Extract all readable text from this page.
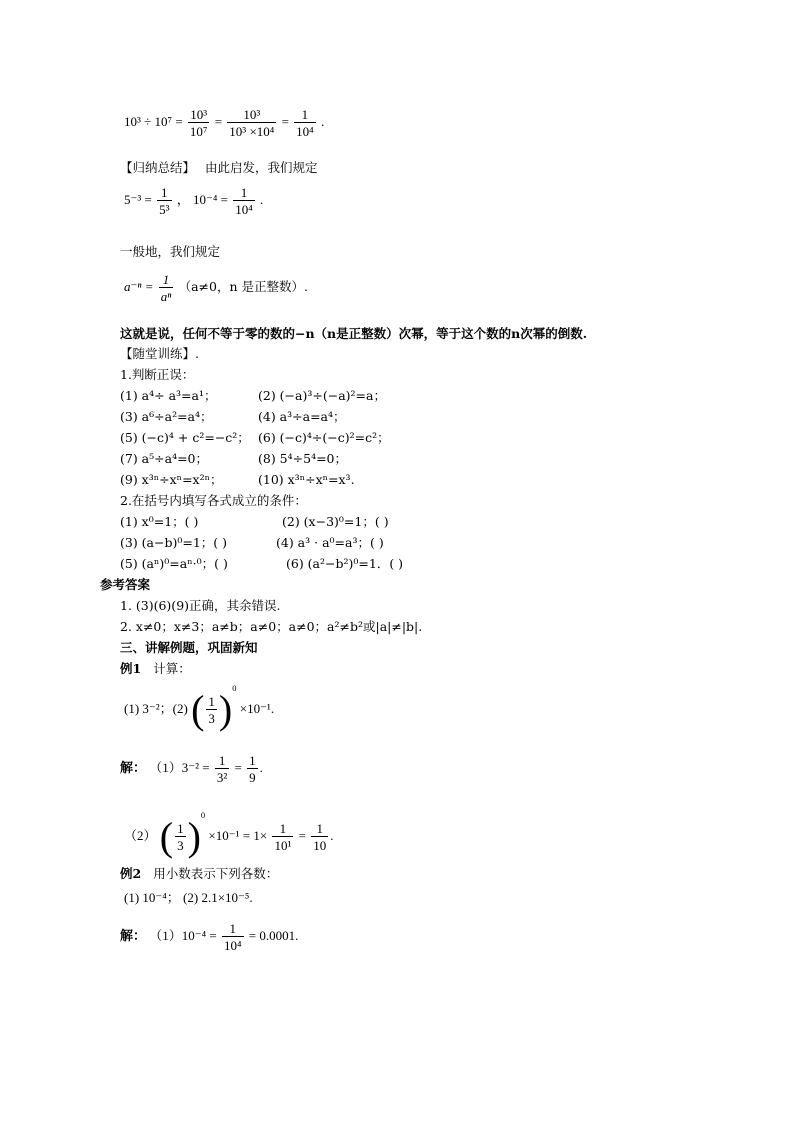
$10^3 \div 10^7 = \frac{\text{10³}}{\text{10⁷}} = \frac{\text{10³}}{\text{10³ ×10⁴}} = \frac{1}{\text{10⁴}}$ .
【归纳总结】 由此启发，我们规定
$5^{-3} = \frac{1}{\text{5³}}$ ， $10^{-4} = \frac{1}{\text{10⁴}}$ .
一般地，我们规定
$a^{-n} = \frac{1}{\text{aⁿ}} (a\ne 0$，n 是正整数）.
这就是说，任何不等于零的数的−n（n是正整数）次幂，等于这个数的n次幂的倒数.
【随堂训练】.
1.判断正误：
(1) a⁴÷ a³=a¹；	(2) (−a)³÷(−a)²=a；
(3) a⁶÷a²=a⁴；	(4) a³÷a=a⁴；
(5) (−c)⁴ + c²=−c²； (6) (−c)⁴÷(−c)²=c²；
(7) a⁵÷a⁴=0；	(8) 5⁴÷5⁴=0；
(9) x³ⁿ÷xⁿ=x²ⁿ；	(10) x³ⁿ÷xⁿ=x³.
2.在括号内填写各式成立的条件：
(1) x⁰=1；( )	(2) (x−3)⁰=1；( )
(3) (a−b)⁰=1；( )	(4) a³ · a⁰=a³；( )
(5) (aⁿ)⁰=aⁿ·⁰；( )	(6) (a²−b²)⁰=1．( )
参考答案
1. (3)(6)(9)正确，其余错误.
2. x≠0；x≠3；a≠b；a≠0；a≠0；a²≠b²或|a|≠|b|.
三、讲解例题，巩固新知
例1 计算：
(1) 3⁻²；(2) ( $\frac{1}{3} )^0 \times 10^{-1}$.
解： $(1)3^{-2} = \frac{1}{\text{3²}} = \frac{1}{9}$ .
（2） ( $\frac{1}{3} )^0 \times 10^{-1} = 1\times \frac{1}{\text{10¹}} = \frac{1}{10}$ .
例2 用小数表示下列各数：
(1) 10⁻⁴； (2) 2.1×10⁻⁵.
解： $(1)10^{-4} = \frac{1}{\text{10⁴}} = 0.0001$.
